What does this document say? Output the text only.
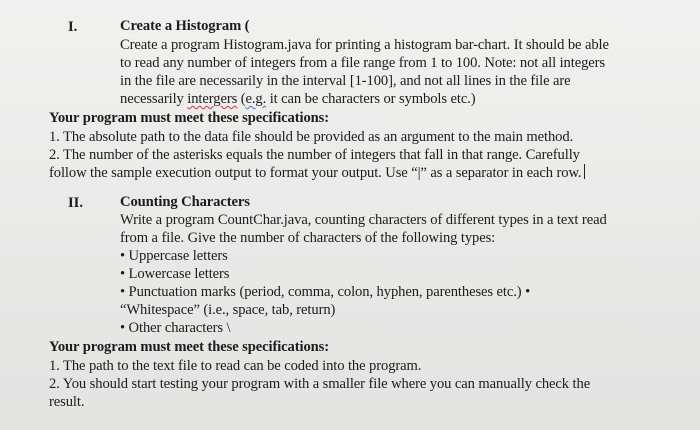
I.	Create a Histogram (
Create a program Histogram.java for printing a histogram bar-chart. It should be able
to read any number of integers from a file range from 1 to 100. Note: not all integers
in the file are necessarily in the interval [1-100], and not all lines in the file are
necessarily intergers (e.g. it can be characters or symbols etc.)
Your program must meet these specifications:
1. The absolute path to the data file should be provided as an argument to the main method.
2. The number of the asterisks equals the number of integers that fall in that range. Carefully
follow the sample execution output to format your output. Use “|” as a separator in each row.
II.	Counting Characters
Write a program CountChar.java, counting characters of different types in a text read
from a file. Give the number of characters of the following types:
• Uppercase letters
• Lowercase letters
• Punctuation marks (period, comma, colon, hyphen, parentheses etc.) •
“Whitespace” (i.e., space, tab, return)
• Other characters \
Your program must meet these specifications:
1. The path to the text file to read can be coded into the program.
2. You should start testing your program with a smaller file where you can manually check the
result.
